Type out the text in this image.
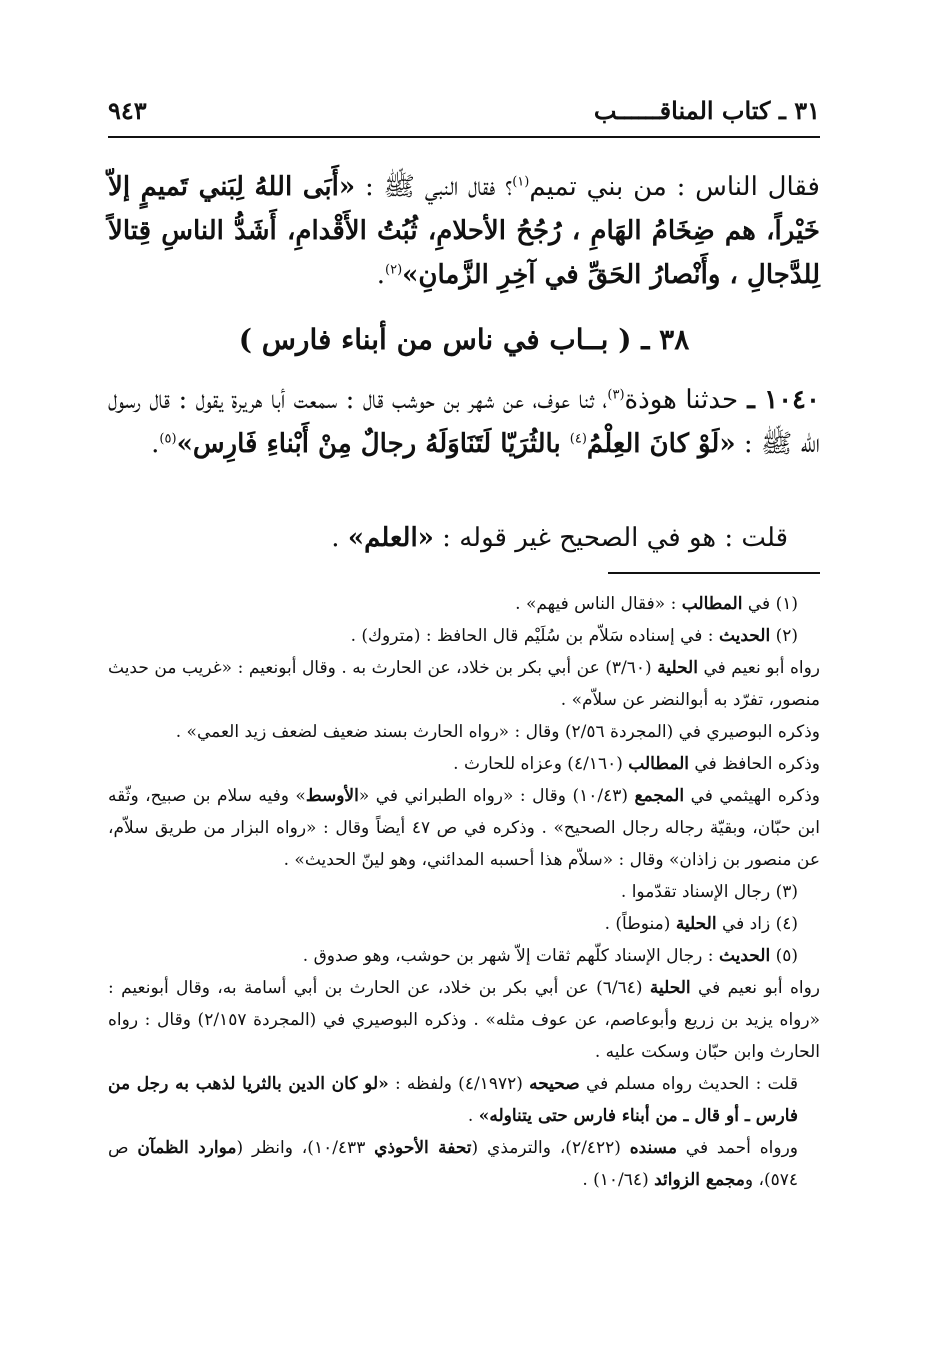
٣١ ـ كتاب المناقــــــب
٩٤٣

فقال الناس : من بني تميم$^{(١)}$؟ فقال النبي ﷺ : «أَبَى اللهُ لِبَني تَميمٍ إلاّ خَيْراً، هم ضِخَامُ الهَامِ ، رُجُحُ الأحلامِ، ثُبُتُ الأَقْدامِ، أَشَدُّ الناسِ قِتالاً لِلدَّجالِ ، وأَنْصارُ الحَقِّ في آخِرِ الزَّمانِ»$^{(٢)}$.

٣٨ ـ ( بــاب في ناس من أبناء فارس )

١٠٤٠ ـ حدثنا هوذة$^{(٣)}$، ثنا عوف، عن شهر بن حوشب قال : سمعت أبا هريرة يقول : قال رسول الله ﷺ : «لَوْ كانَ العِلْمُ$^{(٤)}$ بالثُرَيّا لَتَنَاوَلَهُ رجالٌ مِنْ أَبْناءِ فَارِس»$^{(٥)}$.

قلت : هو في الصحيح غير قوله : «العلم» .

(١) في المطالب : «فقال الناس فيهم» .

(٢) الحديث : في إسناده سَلاّم بن سُلَيْم قال الحافظ : (متروك) .

رواه أبو نعيم في الحلية (٣/٦٠) عن أبي بكر بن خلاد، عن الحارث به . وقال أبونعيم : «غريب من حديث منصور، تفرّد به أبوالنضر عن سلاّم» .

وذكره البوصيري في (المجردة ٢/٥٦) وقال : «رواه الحارث بسند ضعيف لضعف زيد العمي» .

وذكره الحافظ في المطالب (٤/١٦٠) وعزاه للحارث .

وذكره الهيثمي في المجمع (١٠/٤٣) وقال : «رواه الطبراني في «الأوسط» وفيه سلام بن صبيح، وثّقه ابن حبّان، وبقيّة رجاله رجال الصحيح» . وذكره في ص ٤٧ أيضاً وقال : «رواه البزار من طريق سلاّم، عن منصور بن زاذان» وقال : «سلاّم هذا أحسبه المدائني، وهو لينّ الحديث» .

(٣) رجال الإسناد تقدّموا .

(٤) زاد في الحلية (منوطاً) .

(٥) الحديث : رجال الإسناد كلّهم ثقات إلاّ شهر بن حوشب، وهو صدوق .

رواه أبو نعيم في الحلية (٦/٦٤) عن أبي بكر بن خلاد، عن الحارث بن أبي أسامة به، وقال أبونعيم : «رواه يزيد بن زريع وأبوعاصم، عن عوف مثله» . وذكره البوصيري في (المجردة ٢/١٥٧) وقال : رواه الحارث وابن حبّان وسكت عليه .

قلت : الحديث رواه مسلم في صحيحه (٤/١٩٧٢) ولفظه : «لو كان الدين بالثريا لذهب به رجل من فارس ـ أو قال ـ من أبناء فارس حتى يتناوله» .

ورواه أحمد في مسنده (٢/٤٢٢)، والترمذي (تحفة الأحوذي ١٠/٤٣٣)، وانظر (موارد الظمآن ص ٥٧٤)، ومجمع الزوائد (١٠/٦٤) .
